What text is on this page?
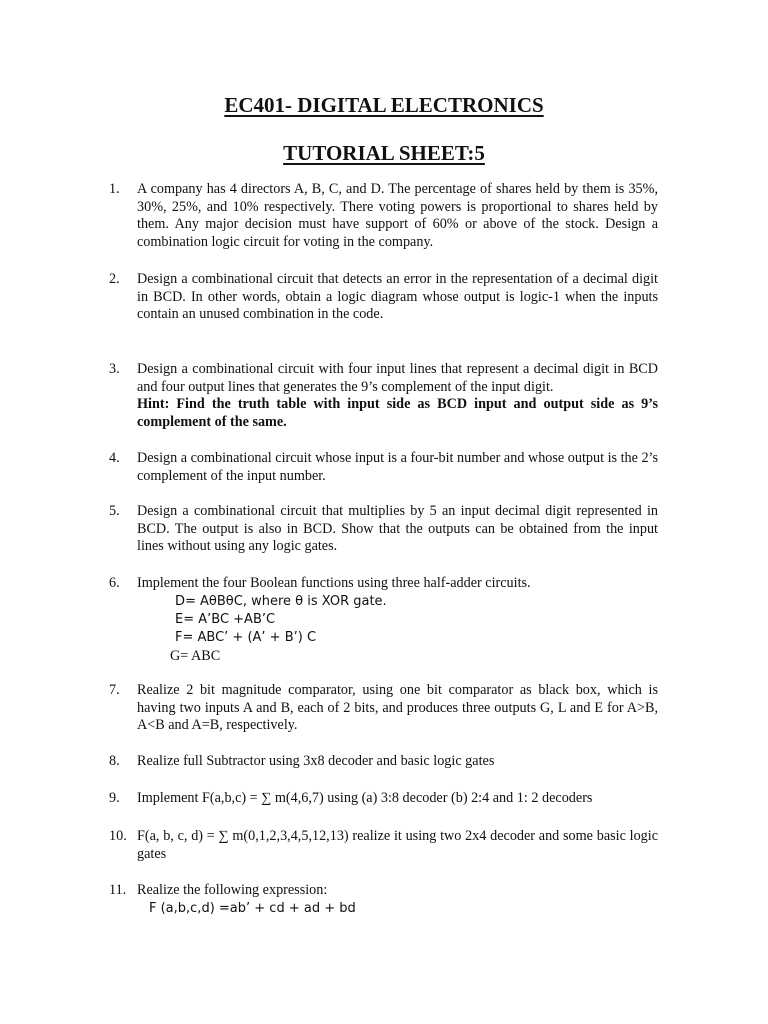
EC401- DIGITAL ELECTRONICS
TUTORIAL SHEET:5
1.	A company has 4 directors A, B, C, and D. The percentage of shares held by them is 35%, 30%, 25%, and 10% respectively. There voting powers is proportional to shares held by them. Any major decision must have support of 60% or above of the stock. Design a combination logic circuit for voting in the company.
2.	Design a combinational circuit that detects an error in the representation of a decimal digit in BCD. In other words, obtain a logic diagram whose output is logic-1 when the inputs contain an unused combination in the code.
3.	Design a combinational circuit with four input lines that represent a decimal digit in BCD and four output lines that generates the 9’s complement of the input digit.
Hint: Find the truth table with input side as BCD input and output side as 9’s complement of the same.
4.	Design a combinational circuit whose input is a four-bit number and whose output is the 2’s complement of the input number.
5.	Design a combinational circuit that multiplies by 5 an input decimal digit represented in BCD. The output is also in BCD. Show that the outputs can be obtained from the input lines without using any logic gates.
6.	Implement the four Boolean functions using three half-adder circuits.
D= AθBθC, where θ is XOR gate.
E= A’BC +AB’C
F= ABC’ + (A’ + B’) C
G= ABC
7.	Realize 2 bit magnitude comparator, using one bit comparator as black box, which is having two inputs A and B, each of 2 bits, and produces three outputs G, L and E for A>B, A<B and A=B, respectively.
8.	Realize full Subtractor using 3x8 decoder and basic logic gates
9.	Implement F(a,b,c) = ∑ m(4,6,7) using (a) 3:8 decoder (b) 2:4 and 1: 2 decoders
10. F(a, b, c, d) = ∑ m(0,1,2,3,4,5,12,13) realize it using two 2x4 decoder and some basic logic gates
11. Realize the following expression:
F (a,b,c,d) =ab’ + cd + ad + bd
